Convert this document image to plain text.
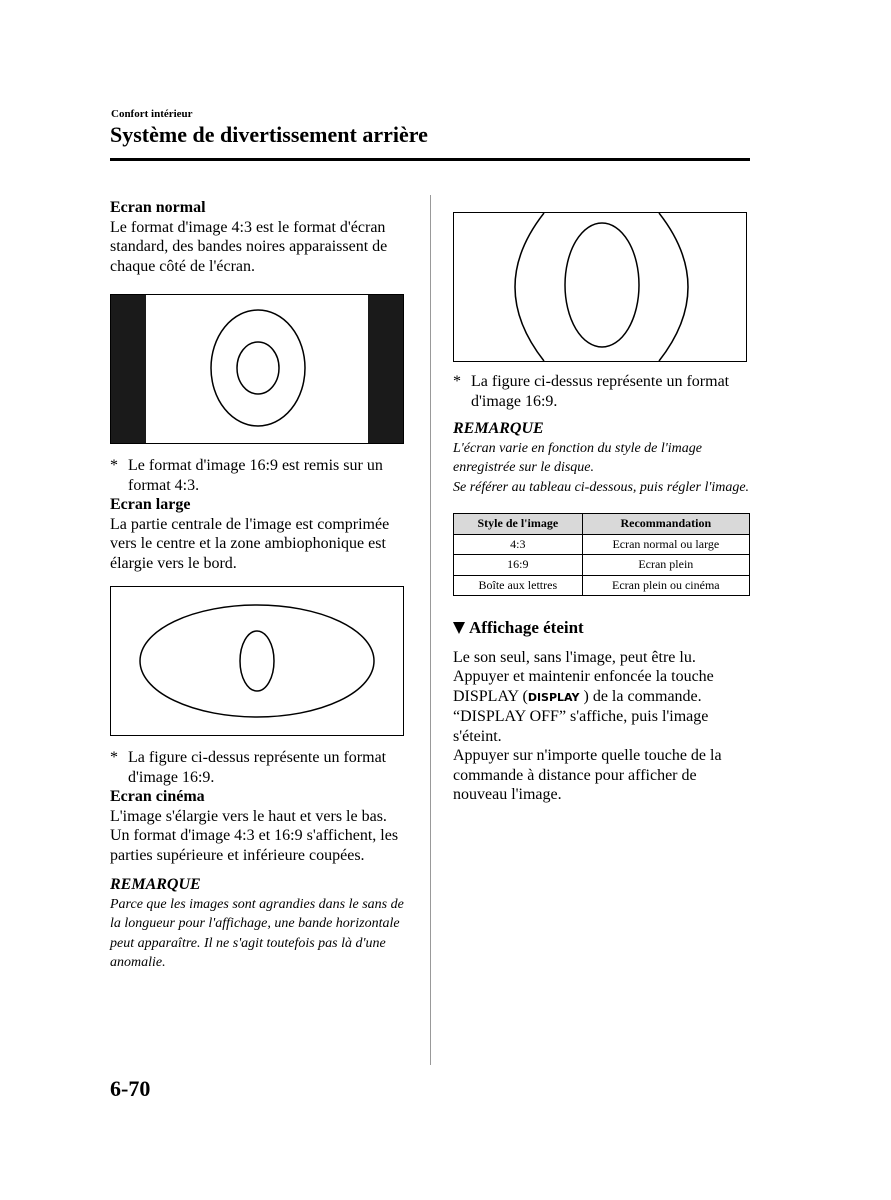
Confort intérieur
Système de divertissement arrière
Ecran normal
Le format d'image 4:3 est le format d'écran standard, des bandes noires apparaissent de chaque côté de l'écran.
* Le format d'image 16:9 est remis sur un format 4:3.
Ecran large
La partie centrale de l'image est comprimée vers le centre et la zone ambiophonique est élargie vers le bord.
* La figure ci-dessus représente un format d'image 16:9.
Ecran cinéma
L'image s'élargie vers le haut et vers le bas. Un format d'image 4:3 et 16:9 s'affichent, les parties supérieure et inférieure coupées.
REMARQUE
Parce que les images sont agrandies dans le sans de la longueur pour l'affichage, une bande horizontale peut apparaître. Il ne s'agit toutefois pas là d'une anomalie.
* La figure ci-dessus représente un format d'image 16:9.
REMARQUE
L'écran varie en fonction du style de l'image enregistrée sur le disque.
Se référer au tableau ci-dessous, puis régler l'image.
Style de l'image	Recommandation
4:3	Ecran normal ou large
16:9	Ecran plein
Boîte aux lettres	Ecran plein ou cinéma
Affichage éteint
Le son seul, sans l'image, peut être lu.
Appuyer et maintenir enfoncée la touche DISPLAY (DISPLAY ) de la commande.
“DISPLAY OFF” s'affiche, puis l'image s'éteint.
Appuyer sur n'importe quelle touche de la commande à distance pour afficher de nouveau l'image.
6-70
